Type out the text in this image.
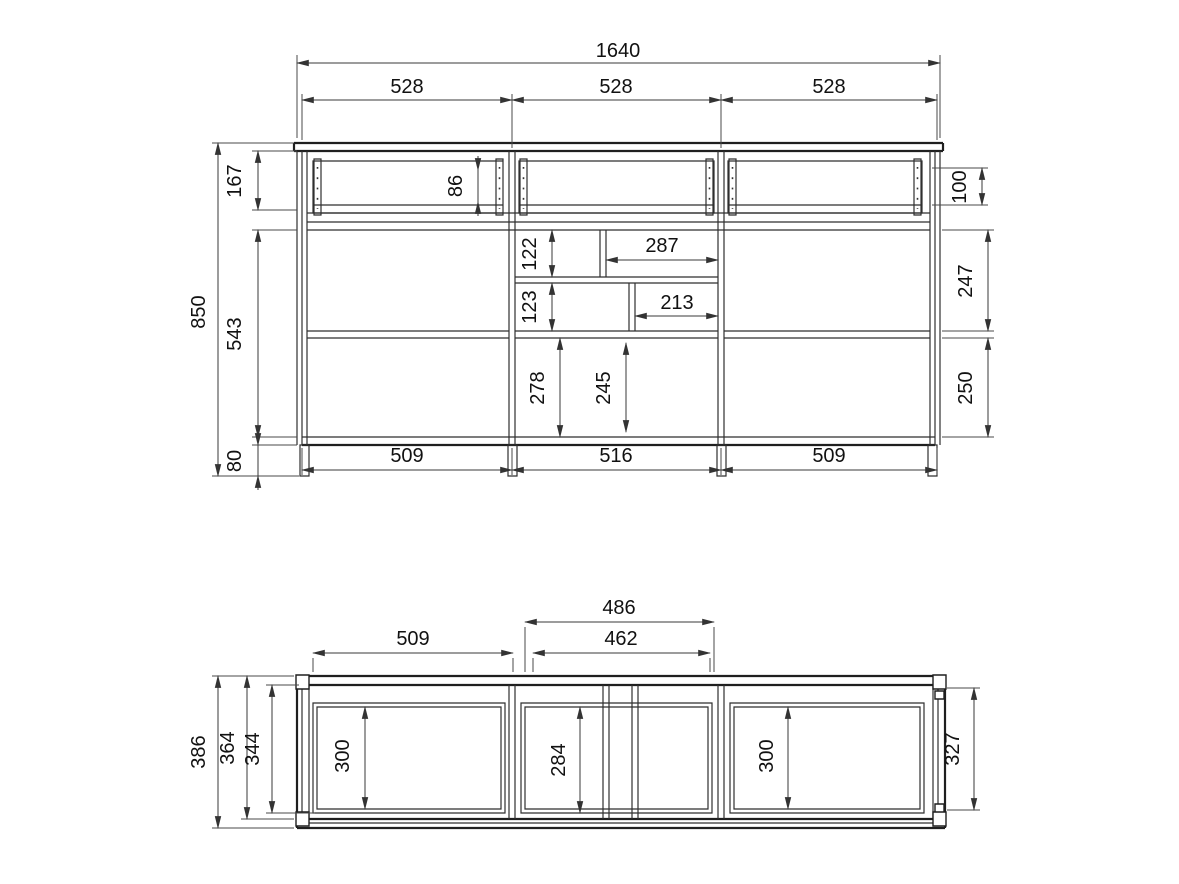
1640
528	528	528
850
167
543
80
86
122	287
123	213
278 245
100
247
250
509	516	509
509
486
462
386 364 344	300	284	300	327
